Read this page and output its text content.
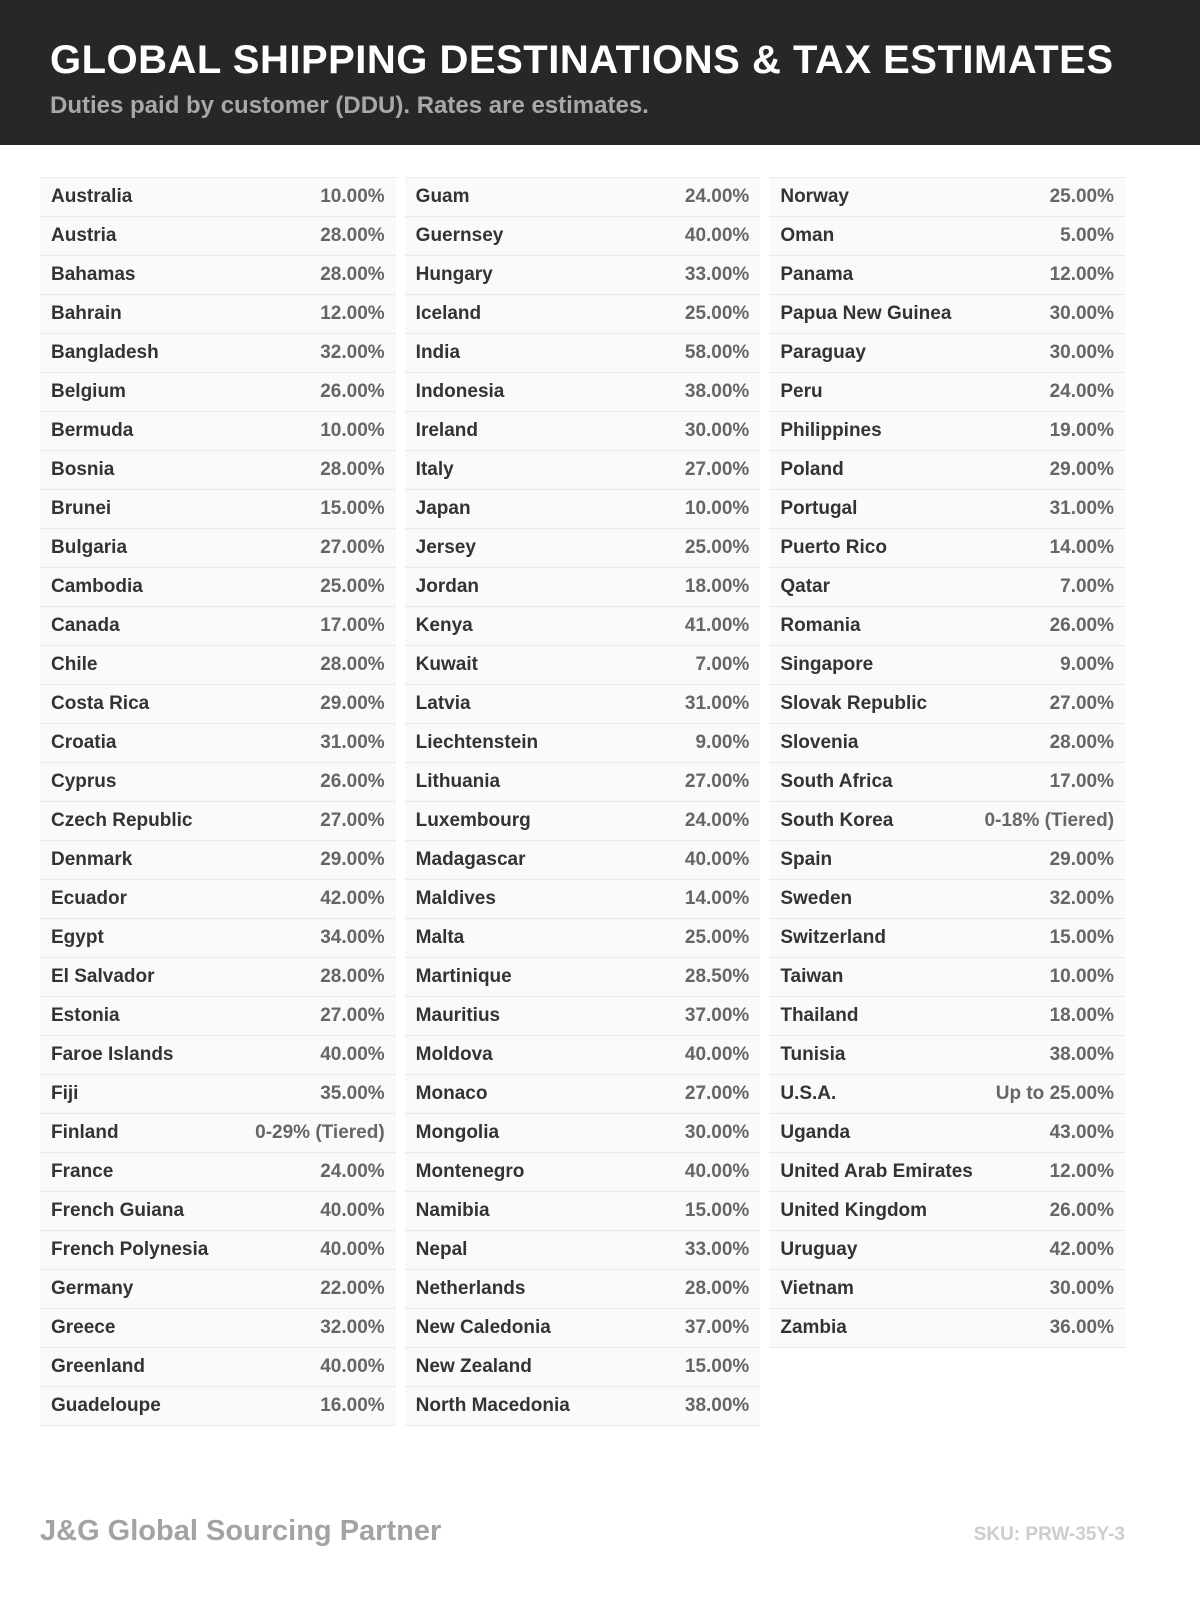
GLOBAL SHIPPING DESTINATIONS & TAX ESTIMATES
Duties paid by customer (DDU). Rates are estimates.
Australia	10.00%
Austria	28.00%
Bahamas	28.00%
Bahrain	12.00%
Bangladesh	32.00%
Belgium	26.00%
Bermuda	10.00%
Bosnia	28.00%
Brunei	15.00%
Bulgaria	27.00%
Cambodia	25.00%
Canada	17.00%
Chile	28.00%
Costa Rica	29.00%
Croatia	31.00%
Cyprus	26.00%
Czech Republic	27.00%
Denmark	29.00%
Ecuador	42.00%
Egypt	34.00%
El Salvador	28.00%
Estonia	27.00%
Faroe Islands	40.00%
Fiji	35.00%
Finland	0-29% (Tiered)
France	24.00%
French Guiana	40.00%
French Polynesia	40.00%
Germany	22.00%
Greece	32.00%
Greenland	40.00%
Guadeloupe	16.00%
Guam	24.00%
Guernsey	40.00%
Hungary	33.00%
Iceland	25.00%
India	58.00%
Indonesia	38.00%
Ireland	30.00%
Italy	27.00%
Japan	10.00%
Jersey	25.00%
Jordan	18.00%
Kenya	41.00%
Kuwait	7.00%
Latvia	31.00%
Liechtenstein	9.00%
Lithuania	27.00%
Luxembourg	24.00%
Madagascar	40.00%
Maldives	14.00%
Malta	25.00%
Martinique	28.50%
Mauritius	37.00%
Moldova	40.00%
Monaco	27.00%
Mongolia	30.00%
Montenegro	40.00%
Namibia	15.00%
Nepal	33.00%
Netherlands	28.00%
New Caledonia	37.00%
New Zealand	15.00%
North Macedonia	38.00%
Norway	25.00%
Oman	5.00%
Panama	12.00%
Papua New Guinea	30.00%
Paraguay	30.00%
Peru	24.00%
Philippines	19.00%
Poland	29.00%
Portugal	31.00%
Puerto Rico	14.00%
Qatar	7.00%
Romania	26.00%
Singapore	9.00%
Slovak Republic	27.00%
Slovenia	28.00%
South Africa	17.00%
South Korea	0-18% (Tiered)
Spain	29.00%
Sweden	32.00%
Switzerland	15.00%
Taiwan	10.00%
Thailand	18.00%
Tunisia	38.00%
U.S.A.	Up to 25.00%
Uganda	43.00%
United Arab Emirates	12.00%
United Kingdom	26.00%
Uruguay	42.00%
Vietnam	30.00%
Zambia	36.00%
J&G Global Sourcing Partner	SKU: PRW-35Y-3
